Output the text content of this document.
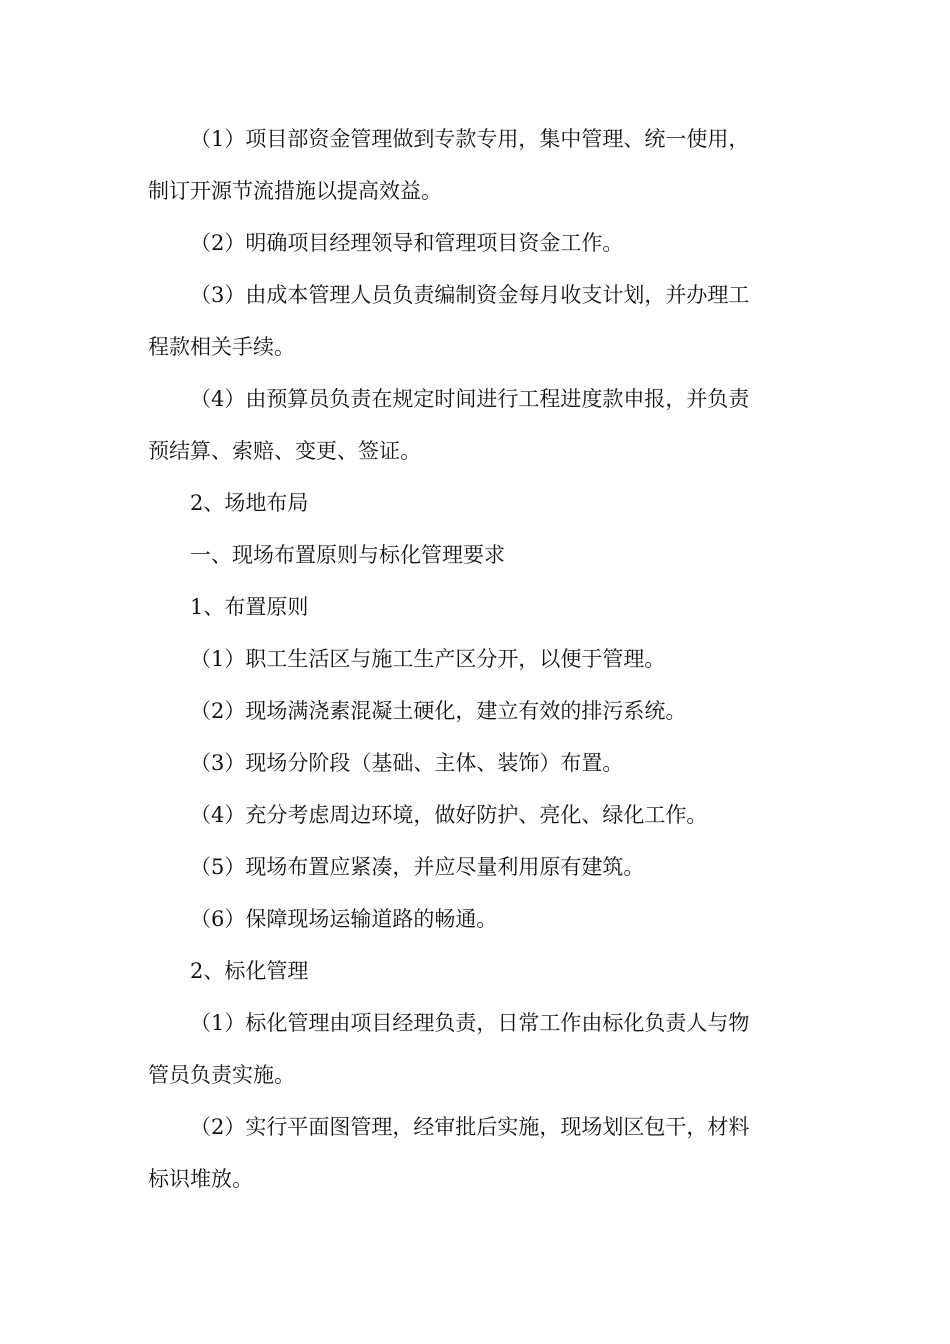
（1）项目部资金管理做到专款专用，集中管理、统一使用，
制订开源节流措施以提高效益。
（2）明确项目经理领导和管理项目资金工作。
（3）由成本管理人员负责编制资金每月收支计划，并办理工
程款相关手续。
（4）由预算员负责在规定时间进行工程进度款申报，并负责
预结算、索赔、变更、签证。
2、场地布局
一、现场布置原则与标化管理要求
1、布置原则
（1）职工生活区与施工生产区分开，以便于管理。
（2）现场满浇素混凝土硬化，建立有效的排污系统。
（3）现场分阶段（基础、主体、装饰）布置。
（4）充分考虑周边环境，做好防护、亮化、绿化工作。
（5）现场布置应紧凑，并应尽量利用原有建筑。
（6）保障现场运输道路的畅通。
2、标化管理
（1）标化管理由项目经理负责，日常工作由标化负责人与物
管员负责实施。
（2）实行平面图管理，经审批后实施，现场划区包干，材料
标识堆放。
